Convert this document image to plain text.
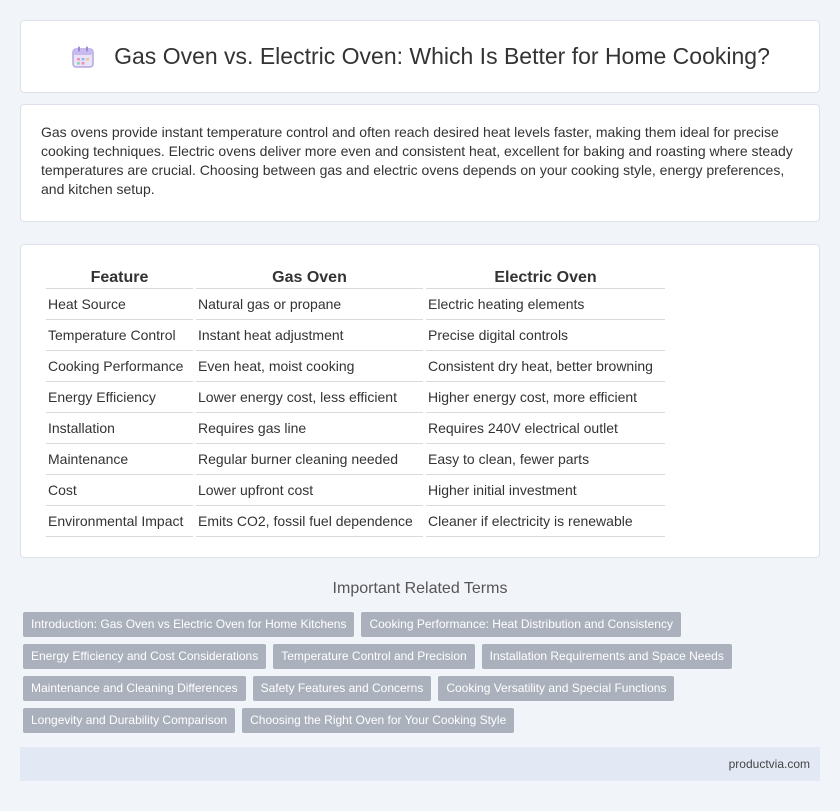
Gas Oven vs. Electric Oven: Which Is Better for Home Cooking?

Gas ovens provide instant temperature control and often reach desired heat levels faster, making them ideal for precise cooking techniques. Electric ovens deliver more even and consistent heat, excellent for baking and roasting where steady temperatures are crucial. Choosing between gas and electric ovens depends on your cooking style, energy preferences, and kitchen setup.

Feature	Gas Oven	Electric Oven
Heat Source	Natural gas or propane	Electric heating elements
Temperature Control	Instant heat adjustment	Precise digital controls
Cooking Performance	Even heat, moist cooking	Consistent dry heat, better browning
Energy Efficiency	Lower energy cost, less efficient	Higher energy cost, more efficient
Installation	Requires gas line	Requires 240V electrical outlet
Maintenance	Regular burner cleaning needed	Easy to clean, fewer parts
Cost	Lower upfront cost	Higher initial investment
Environmental Impact	Emits CO2, fossil fuel dependence	Cleaner if electricity is renewable
Important Related Terms
Introduction: Gas Oven vs Electric Oven for Home Kitchens	Cooking Performance: Heat Distribution and Consistency
Energy Efficiency and Cost Considerations	Temperature Control and Precision	Installation Requirements and Space Needs
Maintenance and Cleaning Differences	Safety Features and Concerns	Cooking Versatility and Special Functions
Longevity and Durability Comparison	Choosing the Right Oven for Your Cooking Style
productvia.com
